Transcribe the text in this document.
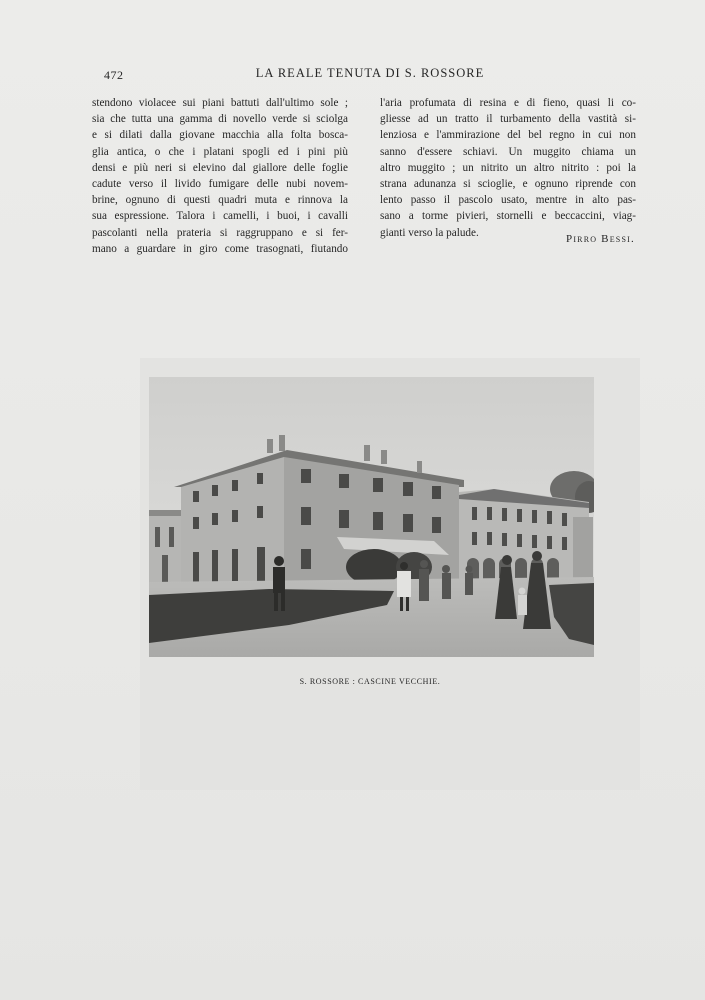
472	LA REALE TENUTA DI S. ROSSORE
stendono violacee sui piani battuti dall'ultimo sole ;
sia che tutta una gamma di novello verde si sciolga
e si dilati dalla giovane macchia alla folta bosca-
glia antica, o che i platani spogli ed i pini più
densi e più neri si elevino dal giallore delle foglie
cadute verso il livido fumigare delle nubi novem-
brine, ognuno di questi quadri muta e rinnova la
sua espressione. Talora i camelli, i buoi, i cavalli
pascolanti nella prateria si raggruppano e si fer-
mano a guardare in giro come trasognati, fiutando
l'aria profumata di resina e di fieno, quasi li co-
gliesse ad un tratto il turbamento della vastità si-
lenziosa e l'ammirazione del bel regno in cui non
sanno d'essere schiavi. Un muggito chiama un
altro muggito ; un nitrito un altro nitrito : poi la
strana adunanza si scioglie, e ognuno riprende con
lento passo il pascolo usato, mentre in alto pas-
sano a torme pivieri, stornelli e beccaccini, viag-
gianti verso la palude.
Pirro Bessi.
S. ROSSORE : CASCINE VECCHIE.
